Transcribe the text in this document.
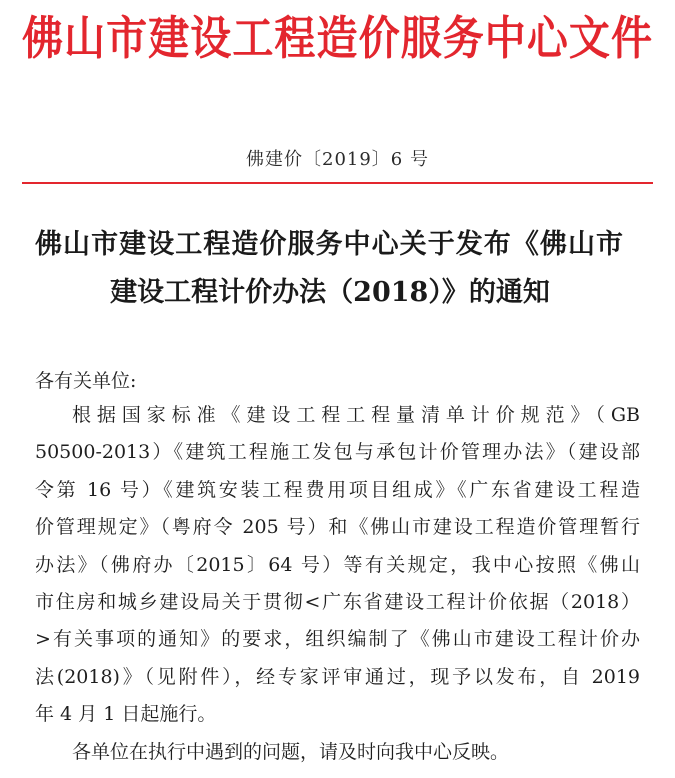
佛山市建设工程造价服务中心文件
佛建价〔2019〕6 号
佛山市建设工程造价服务中心关于发布《佛山市
建设工程计价办法（2018）》的通知
各有关单位:
根据国家标准《建设工程工程量清单计价规范》（GB
50500-2013）《建筑工程施工发包与承包计价管理办法》（建设部
令第 16 号）《建筑安装工程费用项目组成》《广东省建设工程造
价管理规定》（粤府令 205 号）和《佛山市建设工程造价管理暂行
办法》（佛府办〔2015〕64 号）等有关规定，我中心按照《佛山
市住房和城乡建设局关于贯彻<广东省建设工程计价依据（2018）
>有关事项的通知》的要求，组织编制了《佛山市建设工程计价办
法(2018)》（见附件），经专家评审通过，现予以发布，自 2019
年 4 月 1 日起施行。
各单位在执行中遇到的问题，请及时向我中心反映。
